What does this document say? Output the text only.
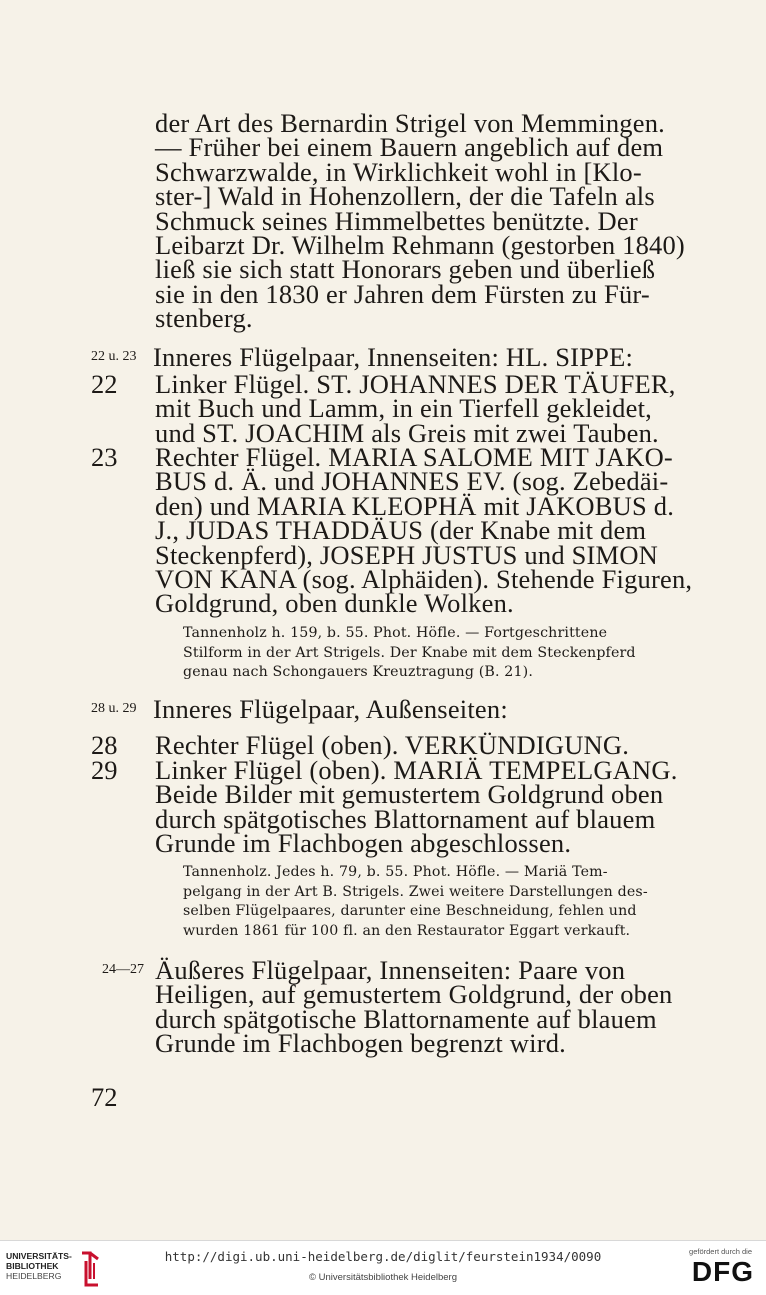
der Art des Bernardin Strigel von Memmingen.
— Früher bei einem Bauern angeblich auf dem
Schwarzwalde, in Wirklichkeit wohl in [Klo-
ster-] Wald in Hohenzollern, der die Tafeln als
Schmuck seines Himmelbettes benützte. Der
Leibarzt Dr. Wilhelm Rehmann (gestorben 1840)
ließ sie sich statt Honorars geben und überließ
sie in den 1830 er Jahren dem Fürsten zu Für-
stenberg.
22 u. 23 Inneres Flügelpaar, Innenseiten: HL. SIPPE:
22 Linker Flügel. ST. JOHANNES DER TÄUFER,
mit Buch und Lamm, in ein Tierfell gekleidet,
und ST. JOACHIM als Greis mit zwei Tauben.
23 Rechter Flügel. MARIA SALOME MIT JAKO-
BUS d. Ä. und JOHANNES EV. (sog. Zebedäi-
den) und MARIA KLEOPHÄ mit JAKOBUS d.
J., JUDAS THADDÄUS (der Knabe mit dem
Steckenpferd), JOSEPH JUSTUS und SIMON
VON KANA (sog. Alphäiden). Stehende Figuren,
Goldgrund, oben dunkle Wolken.
Tannenholz h. 159, b. 55. Phot. Höfle. — Fortgeschrittene
Stilform in der Art Strigels. Der Knabe mit dem Steckenpferd
genau nach Schongauers Kreuztragung (B. 21).
28 u. 29 Inneres Flügelpaar, Außenseiten:
28 Rechter Flügel (oben). VERKÜNDIGUNG.
29 Linker Flügel (oben). MARIÄ TEMPELGANG.
Beide Bilder mit gemustertem Goldgrund oben
durch spätgotisches Blattornament auf blauem
Grunde im Flachbogen abgeschlossen.
Tannenholz. Jedes h. 79, b. 55. Phot. Höfle. — Mariä Tem-
pelgang in der Art B. Strigels. Zwei weitere Darstellungen des-
selben Flügelpaares, darunter eine Beschneidung, fehlen und
wurden 1861 für 100 fl. an den Restaurator Eggart verkauft.
24—27 Äußeres Flügelpaar, Innenseiten: Paare von
Heiligen, auf gemustertem Goldgrund, der oben
durch spätgotische Blattornamente auf blauem
Grunde im Flachbogen begrenzt wird.
72
UNIVERSITÄTS-
BIBLIOTHEK
HEIDELBERG
http://digi.ub.uni-heidelberg.de/diglit/feurstein1934/0090
© Universitätsbibliothek Heidelberg
gefördert durch die
DFG
